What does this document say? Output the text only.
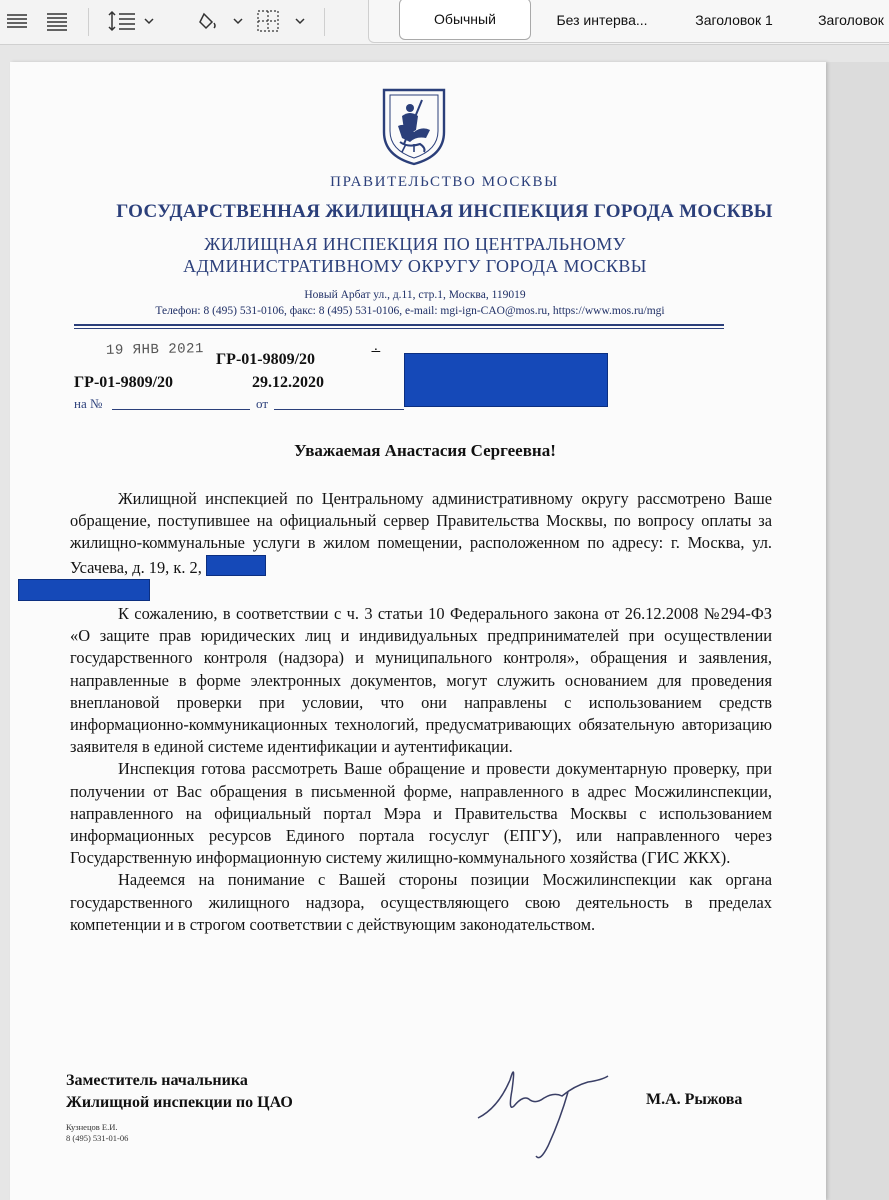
Обычный	Без интерва...	Заголовок 1	Заголовок
ПРАВИТЕЛЬСТВО МОСКВЫ
ГОСУДАРСТВЕННАЯ ЖИЛИЩНАЯ ИНСПЕКЦИЯ ГОРОДА МОСКВЫ
ЖИЛИЩНАЯ ИНСПЕКЦИЯ ПО ЦЕНТРАЛЬНОМУ
АДМИНИСТРАТИВНОМУ ОКРУГУ ГОРОДА МОСКВЫ
Новый Арбат ул., д.11, стр.1, Москва, 119019
Телефон: 8 (495) 531-0106, факс: 8 (495) 531-0106, e-mail: mgi-ign-CAO@mos.ru, https://www.mos.ru/mgi
19 ЯНВ 2021
ГР-01-9809/20	∸
ГР-01-9809/20	29.12.2020
на №	от
Уважаемая Анастасия Сергеевна!

Жилищной инспекцией по Центральному административному округу рассмотрено Ваше обращение, поступившее на официальный сервер Правительства Москвы, по вопросу оплаты за жилищно-коммунальные услуги в жилом помещении, расположенном по адресу: г. Москва, ул. Усачева, д. 19, к. 2,

К сожалению, в соответствии с ч. 3 статьи 10 Федерального закона от 26.12.2008 №294-ФЗ «О защите прав юридических лиц и индивидуальных предпринимателей при осуществлении государственного контроля (надзора) и муниципального контроля», обращения и заявления, направленные в форме электронных документов, могут служить основанием для проведения внеплановой проверки при условии, что они направлены с использованием средств информационно-коммуникационных технологий, предусматривающих обязательную авторизацию заявителя в единой системе идентификации и аутентификации.

Инспекция готова рассмотреть Ваше обращение и провести документарную проверку, при получении от Вас обращения в письменной форме, направленного в адрес Мосжилинспекции, направленного на официальный портал Мэра и Правительства Москвы с использованием информационных ресурсов Единого портала госуслуг (ЕПГУ), или направленного через Государственную информационную систему жилищно-коммунального хозяйства (ГИС ЖКХ).

Надеемся на понимание с Вашей стороны позиции Мосжилинспекции как органа государственного жилищного надзора, осуществляющего свою деятельность в пределах компетенции и в строгом соответствии с действующим законодательством.

Заместитель начальника
Жилищной инспекции по ЦАО	М.А. Рыжова
Кузнецов Е.И.
8 (495) 531-01-06
